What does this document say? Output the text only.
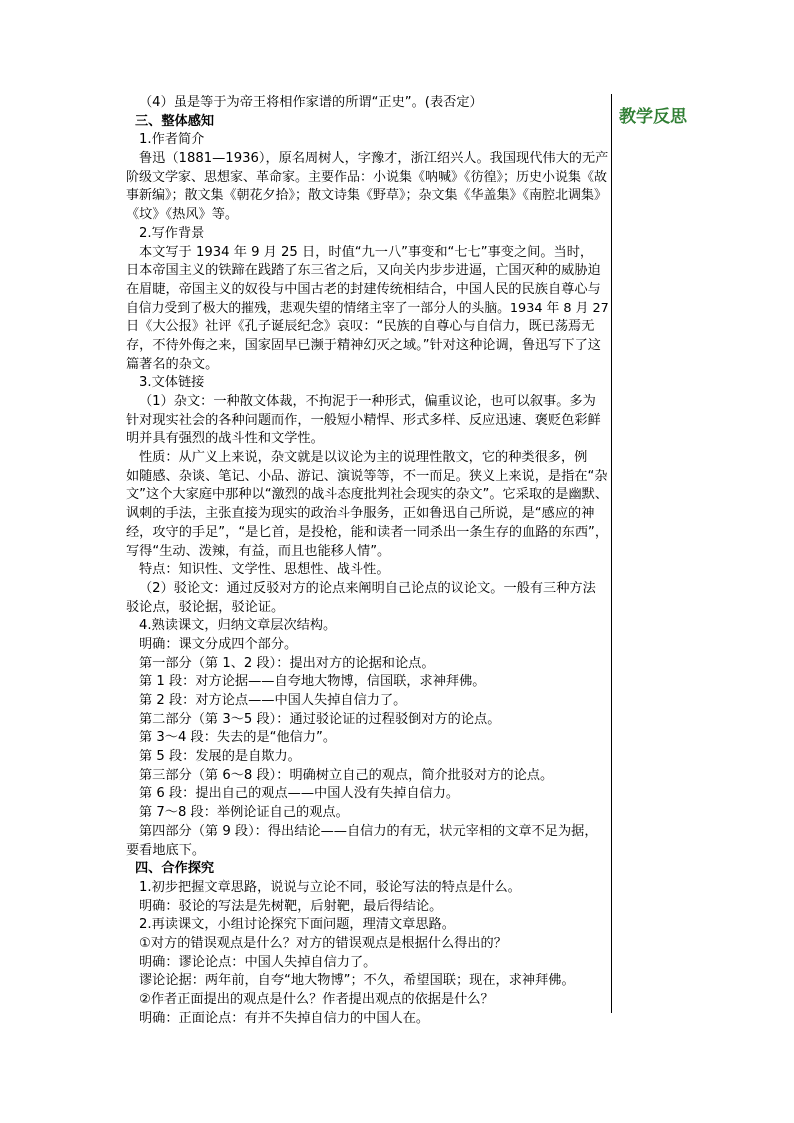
教学反思
（4）虽是等于为帝王将相作家谱的所谓“正史”。(表否定）
三、整体感知
1.作者简介
鲁迅（1881—1936），原名周树人，字豫才，浙江绍兴人。我国现代伟大的无产
阶级文学家、思想家、革命家。主要作品：小说集《呐喊》《彷徨》；历史小说集《故
事新编》；散文集《朝花夕拾》；散文诗集《野草》；杂文集《华盖集》《南腔北调集》
《坟》《热风》等。
2.写作背景
本文写于 1934 年 9 月 25 日，时值“九一八”事变和“七七”事变之间。当时，
日本帝国主义的铁蹄在践踏了东三省之后，又向关内步步进逼，亡国灭种的威胁迫
在眉睫，帝国主义的奴役与中国古老的封建传统相结合，中国人民的民族自尊心与
自信力受到了极大的摧残，悲观失望的情绪主宰了一部分人的头脑。1934 年 8 月 27
日《大公报》社评《孔子诞辰纪念》哀叹：“民族的自尊心与自信力，既已荡焉无
存，不待外侮之来，国家固早已濒于精神幻灭之域。”针对这种论调，鲁迅写下了这
篇著名的杂文。
3.文体链接
（1）杂文：一种散文体裁，不拘泥于一种形式，偏重议论，也可以叙事。多为
针对现实社会的各种问题而作，一般短小精悍、形式多样、反应迅速、褒贬色彩鲜
明并具有强烈的战斗性和文学性。
性质：从广义上来说，杂文就是以议论为主的说理性散文，它的种类很多，例
如随感、杂谈、笔记、小品、游记、演说等等，不一而足。狭义上来说，是指在“杂
文”这个大家庭中那种以“激烈的战斗态度批判社会现实的杂文”。它采取的是幽默、
讽刺的手法，主张直接为现实的政治斗争服务，正如鲁迅自己所说，是“感应的神
经，攻守的手足”，“是匕首，是投枪，能和读者一同杀出一条生存的血路的东西”，
写得“生动、泼辣，有益，而且也能移人情”。
特点：知识性、文学性、思想性、战斗性。
（2）驳论文：通过反驳对方的论点来阐明自己论点的议论文。一般有三种方法
驳论点，驳论据，驳论证。
4.熟读课文，归纳文章层次结构。
明确：课文分成四个部分。
第一部分（第 1、2 段）：提出对方的论据和论点。
第 1 段：对方论据——自夸地大物博，信国联，求神拜佛。
第 2 段：对方论点——中国人失掉自信力了。
第二部分（第 3～5 段）：通过驳论证的过程驳倒对方的论点。
第 3～4 段：失去的是“他信力”。
第 5 段：发展的是自欺力。
第三部分（第 6～8 段）：明确树立自己的观点，简介批驳对方的论点。
第 6 段：提出自己的观点——中国人没有失掉自信力。
第 7～8 段：举例论证自己的观点。
第四部分（第 9 段）：得出结论——自信力的有无，状元宰相的文章不足为据，
要看地底下。
四、合作探究
1.初步把握文章思路，说说与立论不同，驳论写法的特点是什么。
明确：驳论的写法是先树靶，后射靶，最后得结论。
2.再读课文，小组讨论探究下面问题，理清文章思路。
①对方的错误观点是什么？对方的错误观点是根据什么得出的？
明确：谬论论点：中国人失掉自信力了。
谬论论据：两年前，自夸“地大物博”；不久，希望国联；现在，求神拜佛。
②作者正面提出的观点是什么？作者提出观点的依据是什么？
明确：正面论点：有并不失掉自信力的中国人在。
